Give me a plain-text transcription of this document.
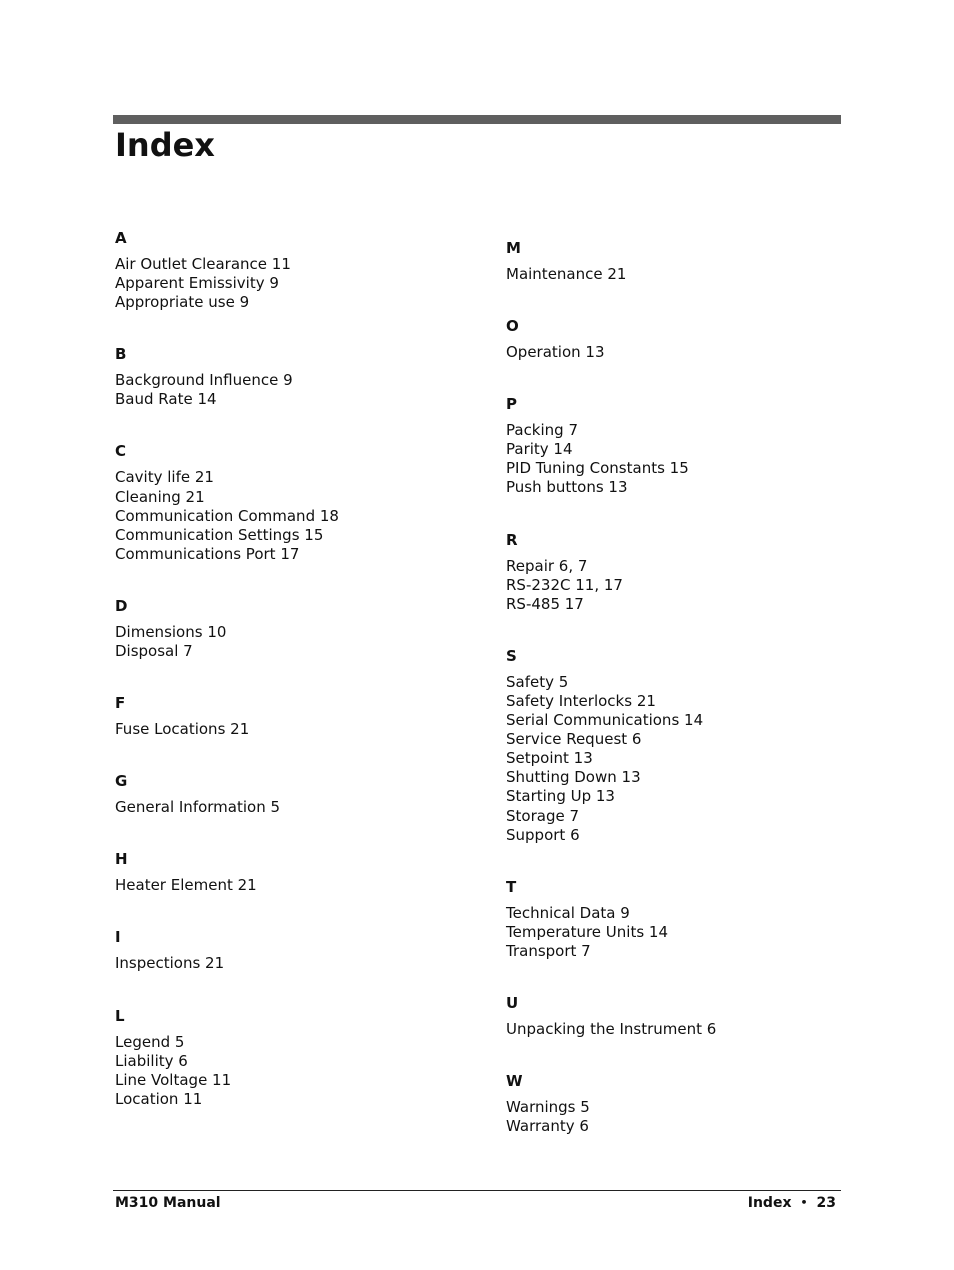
Index
A
Air Outlet Clearance 11
Apparent Emissivity 9
Appropriate use 9
B
Background Influence 9
Baud Rate 14
C
Cavity life 21
Cleaning 21
Communication Command 18
Communication Settings 15
Communications Port 17
D
Dimensions 10
Disposal 7
F
Fuse Locations 21
G
General Information 5
H
Heater Element 21
I
Inspections 21
L
Legend 5
Liability 6
Line Voltage 11
Location 11
M
Maintenance 21
O
Operation 13
P
Packing 7
Parity 14
PID Tuning Constants 15
Push buttons 13
R
Repair 6, 7
RS-232C 11, 17
RS-485 17
S
Safety 5
Safety Interlocks 21
Serial Communications 14
Service Request 6
Setpoint 13
Shutting Down 13
Starting Up 13
Storage 7
Support 6
T
Technical Data 9
Temperature Units 14
Transport 7
U
Unpacking the Instrument 6
W
Warnings 5
Warranty 6
M310 Manual	Index • 23
